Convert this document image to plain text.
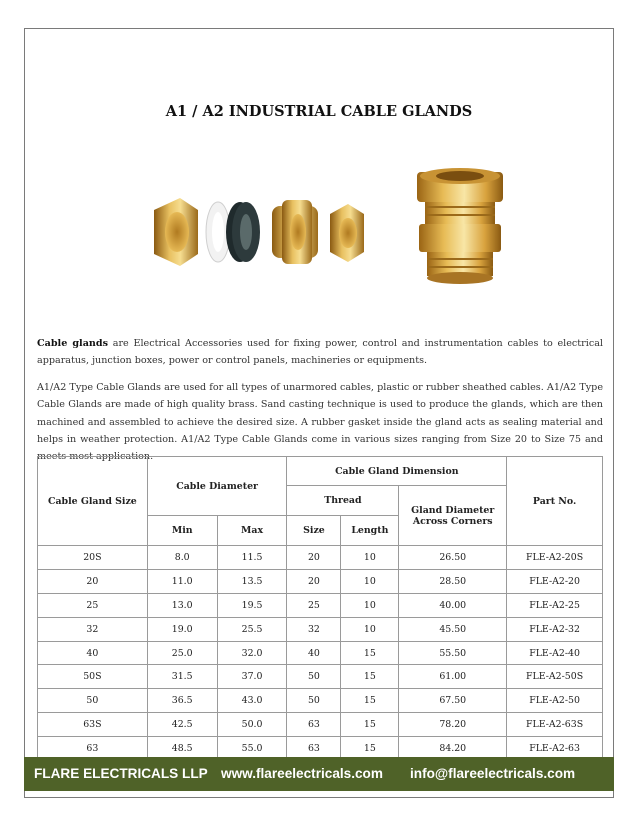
A1 / A2 INDUSTRIAL CABLE GLANDS

Cable glands are Electrical Accessories used for fixing power, control and instrumentation cables to electrical apparatus, junction boxes, power or control panels, machineries or equipments.

A1/A2 Type Cable Glands are used for all types of unarmored cables, plastic or rubber sheathed cables. A1/A2 Type Cable Glands are made of high quality brass. Sand casting technique is used to produce the glands, which are then machined and assembled to achieve the desired size. A rubber gasket inside the gland acts as sealing material and helps in weather protection. A1/A2 Type Cable Glands come in various sizes ranging from Size 20 to Size 75 and meets most application.

Cable Gland Size	Cable Diameter		Cable Gland Dimension			Part No.
			Thread		Gland Diameter Across Corners	
	Min	Max	Size	Length		
20S	8.0	11.5	20	10	26.50	FLE-A2-20S
20	11.0	13.5	20	10	28.50	FLE-A2-20
25	13.0	19.5	25	10	40.00	FLE-A2-25
32	19.0	25.5	32	10	45.50	FLE-A2-32
40	25.0	32.0	40	15	55.50	FLE-A2-40
50S	31.5	37.0	50	15	61.00	FLE-A2-50S
50	36.5	43.0	50	15	67.50	FLE-A2-50
63S	42.5	50.0	63	15	78.20	FLE-A2-63S
63	48.5	55.0	63	15	84.20	FLE-A2-63
FLARE ELECTRICALS LLP www.flareelectricals.com info@flareelectricals.com
